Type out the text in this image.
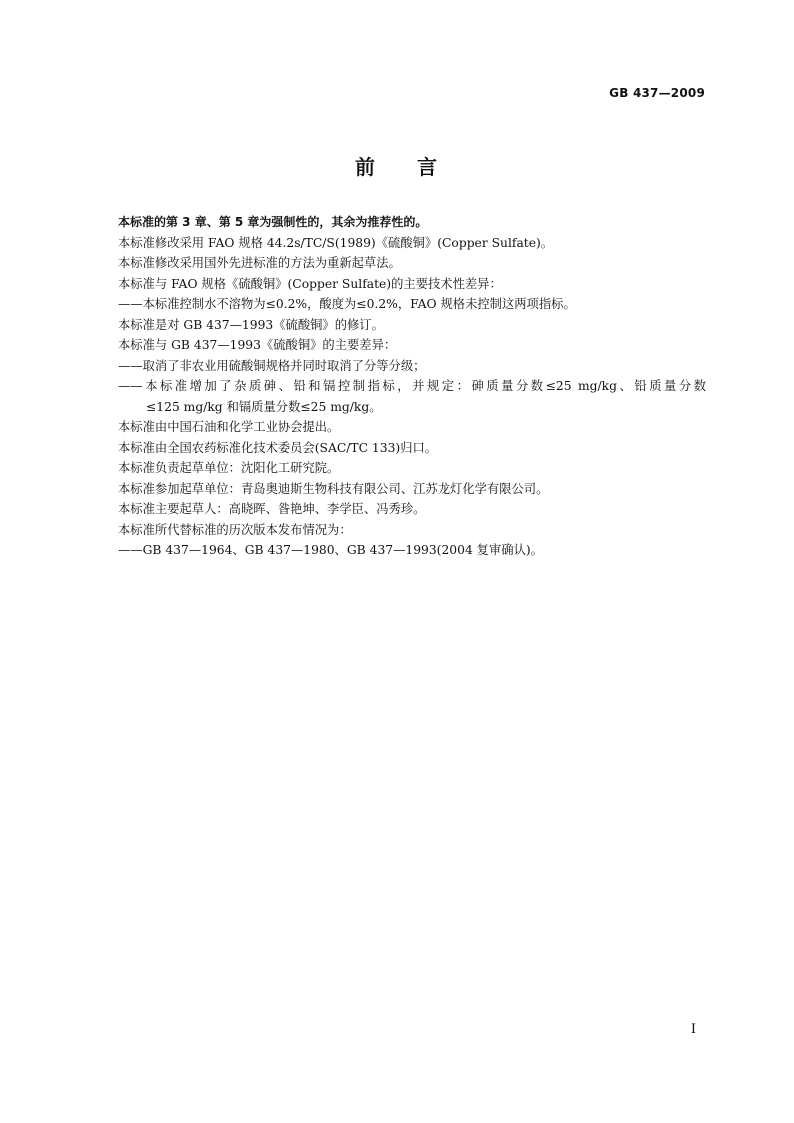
GB 437—2009
前 言
本标准的第 3 章、第 5 章为强制性的，其余为推荐性的。
本标准修改采用 FAO 规格 44.2s/TC/S(1989)《硫酸铜》(Copper Sulfate)。
本标准修改采用国外先进标准的方法为重新起草法。
本标准与 FAO 规格《硫酸铜》(Copper Sulfate)的主要技术性差异：
——本标准控制水不溶物为≤0.2%，酸度为≤0.2%，FAO 规格未控制这两项指标。
本标准是对 GB 437—1993《硫酸铜》的修订。
本标准与 GB 437—1993《硫酸铜》的主要差异：
——取消了非农业用硫酸铜规格并同时取消了分等分级；
——本标准增加了杂质砷、铅和镉控制指标，并规定：砷质量分数≤25 mg/kg、铅质量分数
≤125 mg/kg 和镉质量分数≤25 mg/kg。
本标准由中国石油和化学工业协会提出。
本标准由全国农药标准化技术委员会(SAC/TC 133)归口。
本标准负责起草单位：沈阳化工研究院。
本标准参加起草单位：青岛奥迪斯生物科技有限公司、江苏龙灯化学有限公司。
本标准主要起草人：高晓晖、昝艳坤、李学臣、冯秀珍。
本标准所代替标准的历次版本发布情况为：
——GB 437—1964、GB 437—1980、GB 437—1993(2004 复审确认)。
I
